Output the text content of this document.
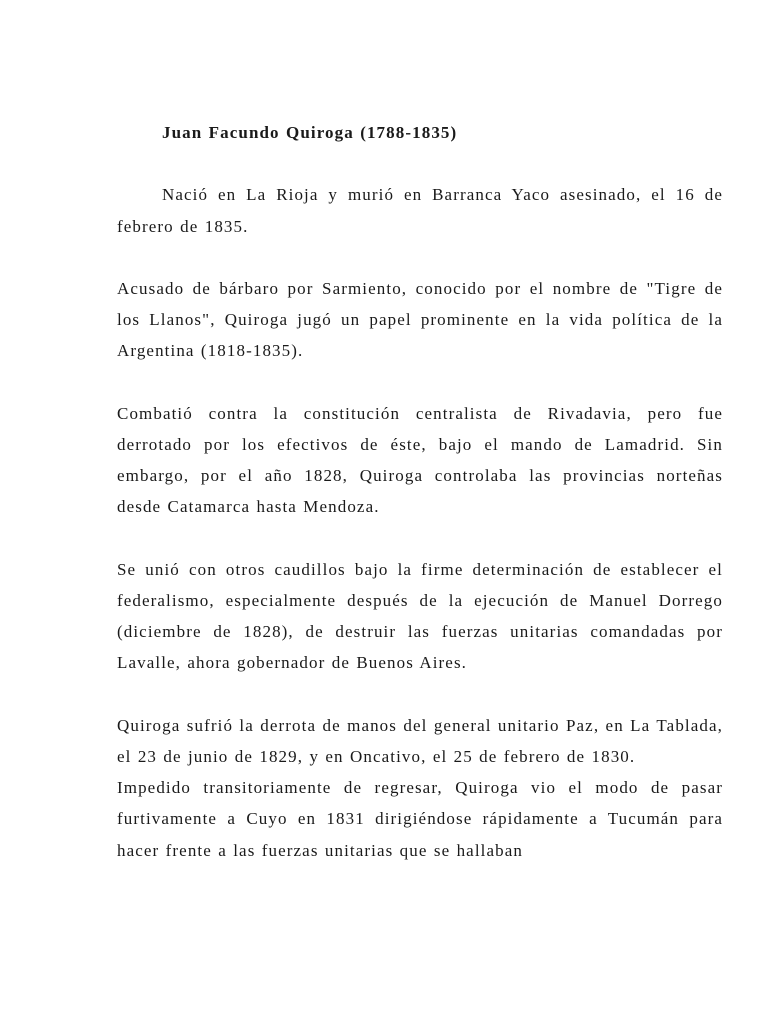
Juan Facundo Quiroga (1788-1835)

Nació en La Rioja y murió en Barranca Yaco asesinado, el 16 de febrero de 1835.

Acusado de bárbaro por Sarmiento, conocido por el nombre de "Tigre de los Llanos", Quiroga jugó un papel prominente en la vida política de la Argentina (1818-1835).

Combatió contra la constitución centralista de Rivadavia, pero fue derrotado por los efectivos de éste, bajo el mando de Lamadrid. Sin embargo, por el año 1828, Quiroga controlaba las provincias norteñas desde Catamarca hasta Mendoza.

Se unió con otros caudillos bajo la firme determinación de establecer el federalismo, especialmente después de la ejecución de Manuel Dorrego (diciembre de 1828), de destruir las fuerzas unitarias comandadas por Lavalle, ahora gobernador de Buenos Aires.

Quiroga sufrió la derrota de manos del general unitario Paz, en La Tablada, el 23 de junio de 1829, y en Oncativo, el 25 de febrero de 1830.

Impedido transitoriamente de regresar, Quiroga vio el modo de pasar furtivamente a Cuyo en 1831 dirigiéndose rápidamente a Tucumán para hacer frente a las fuerzas unitarias que se hallaban
